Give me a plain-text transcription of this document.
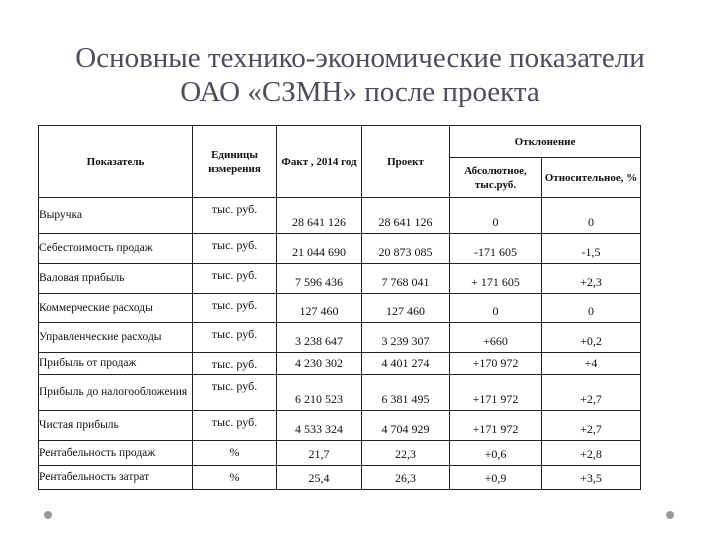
Основные технико-экономические показатели
ОАО «СЗМН» после проекта
Показатель	Единицы измерения	Факт , 2014 год	Проект	Отклонение	
				Абсолютное, тыс.руб.	Относительное, %
Выручка	тыс. руб.	28 641 126	28 641 126	0	0
Себестоимость продаж	тыс. руб.	21 044 690	20 873 085	-171 605	-1,5
Валовая прибыль	тыс. руб.	7 596 436	7 768 041	+ 171 605	+2,3
Коммерческие расходы	тыс. руб.	127 460	127 460	0	0
Управленческие расходы	тыс. руб.	3 238 647	3 239 307	+660	+0,2
Прибыль от продаж	тыс. руб.	4 230 302	4 401 274	+170 972	+4
Прибыль до налогообложения	тыс. руб.	6 210 523	6 381 495	+171 972	+2,7
Чистая прибыль	тыс. руб.	4 533 324	4 704 929	+171 972	+2,7
Рентабельность продаж	%	21,7	22,3	+0,6	+2,8
Рентабельность затрат	%	25,4	26,3	+0,9	+3,5
